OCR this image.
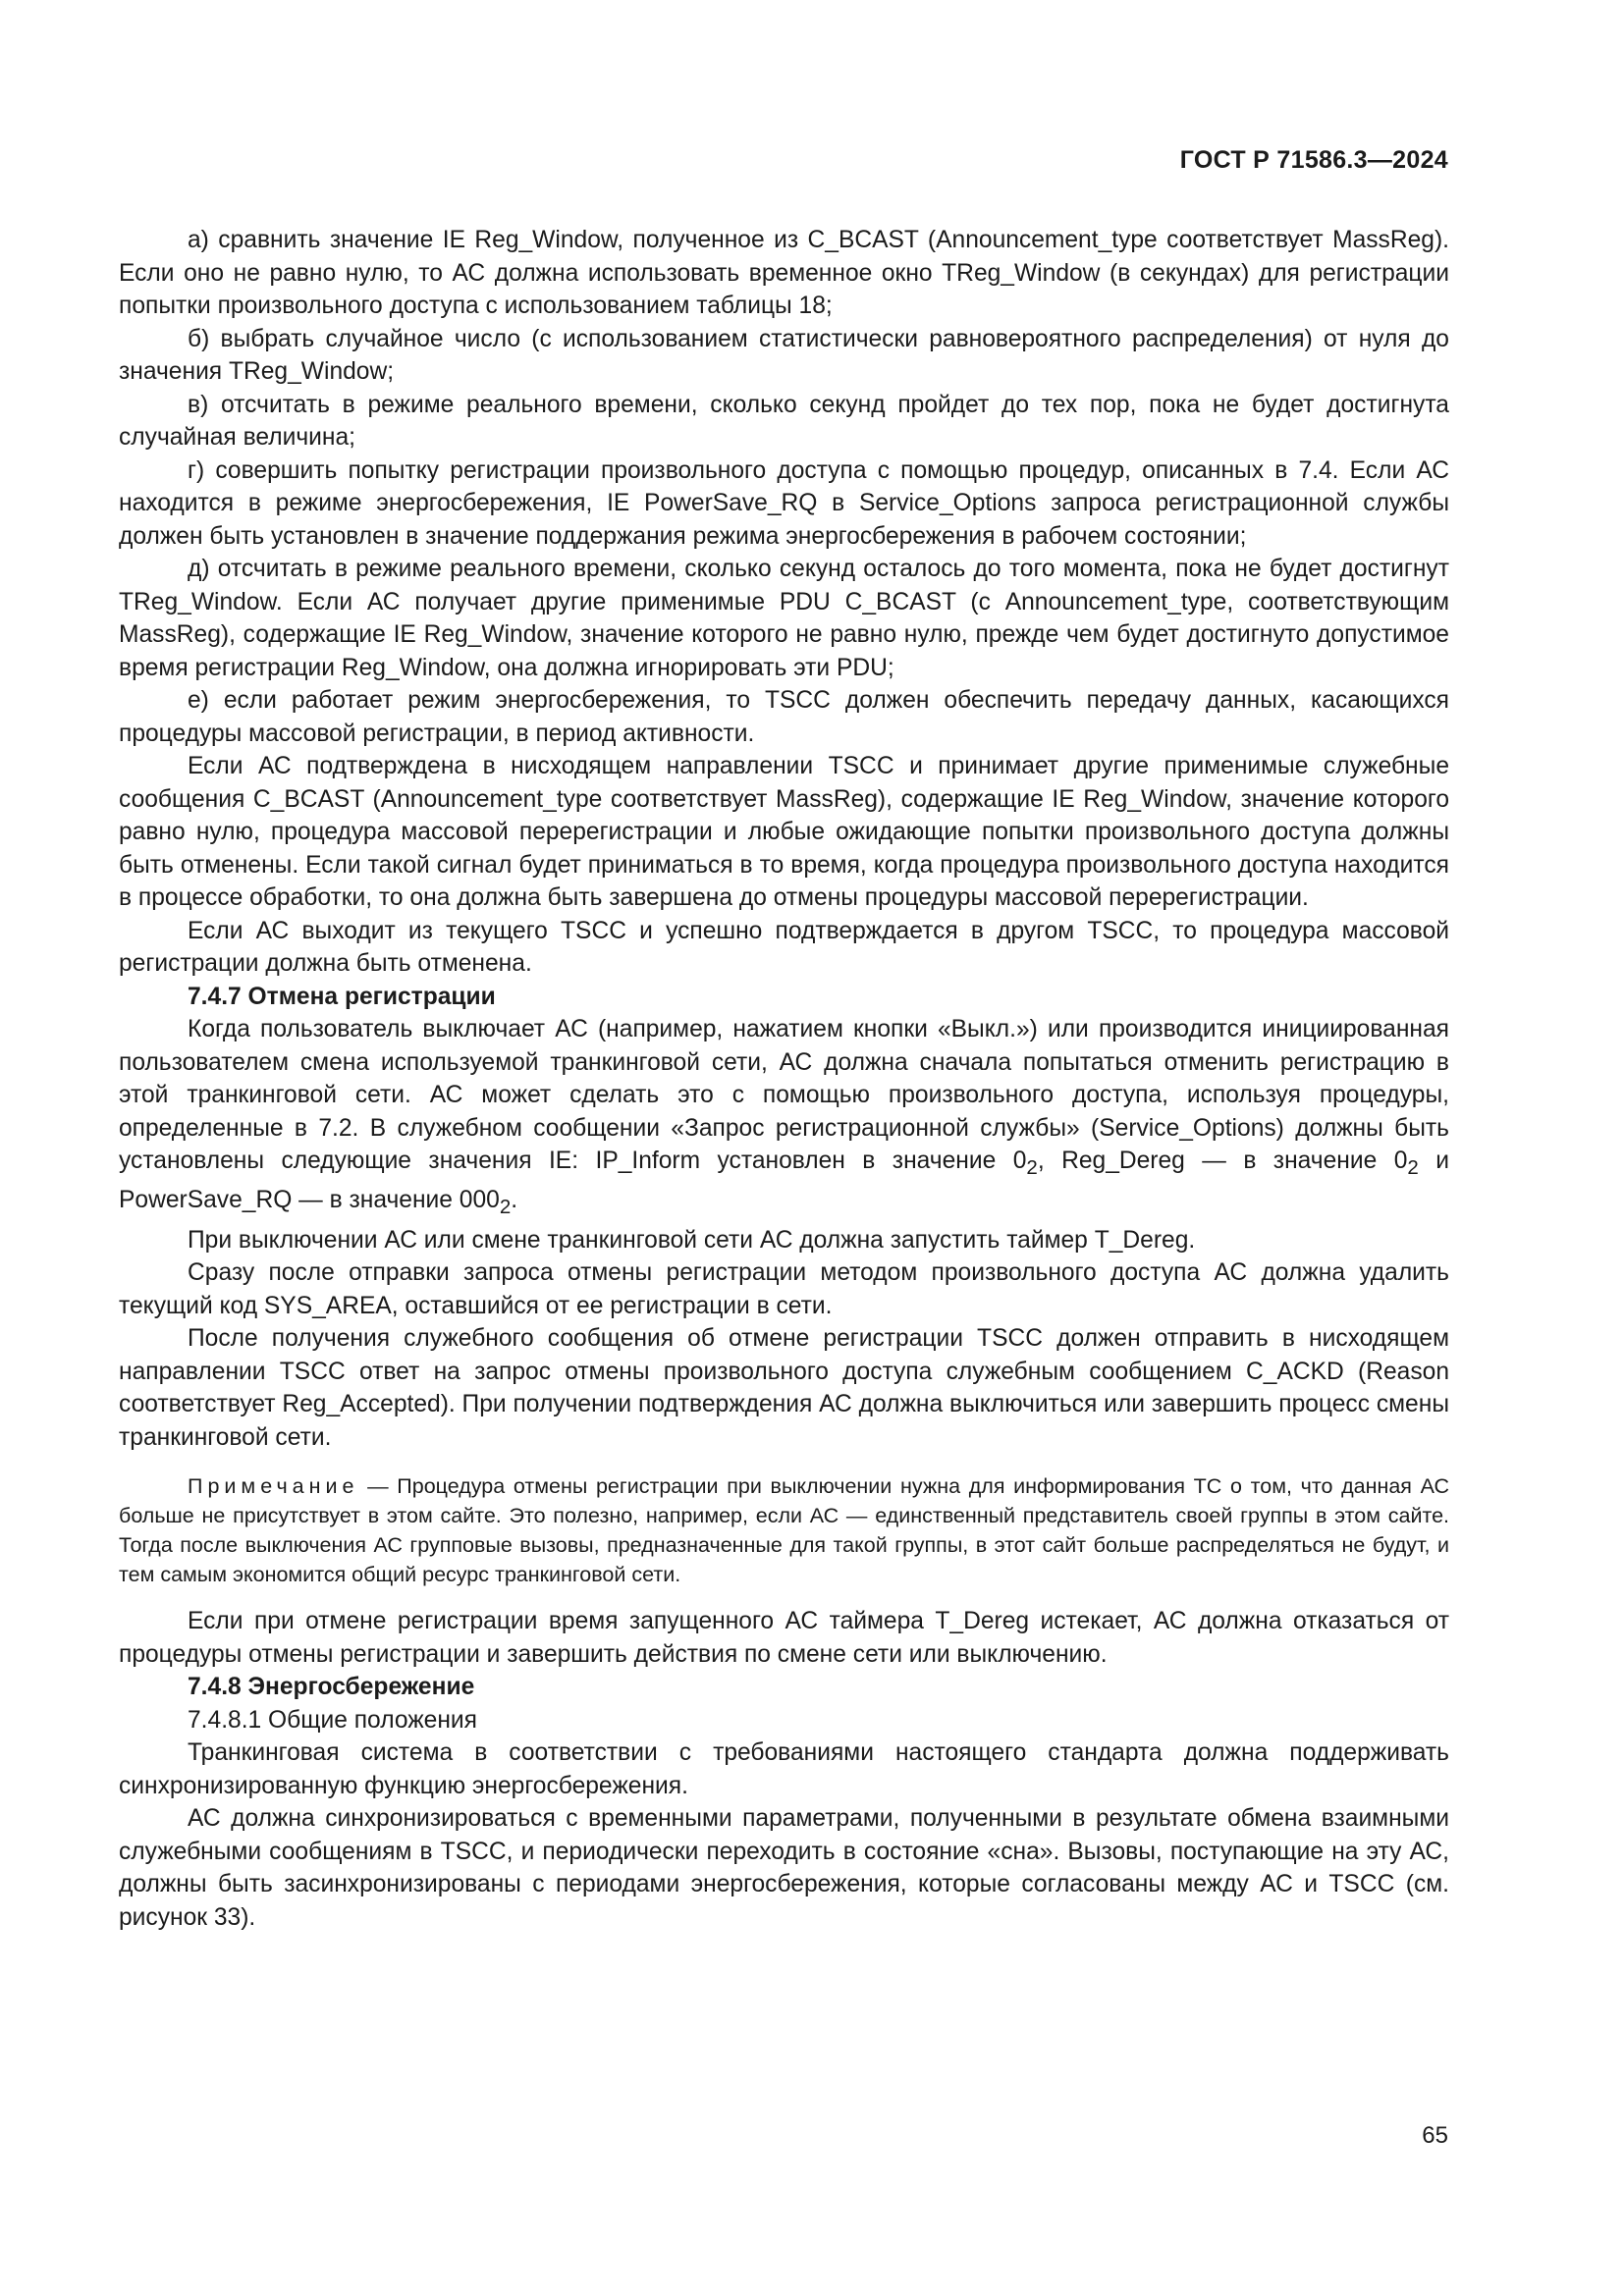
ГОСТ Р 71586.3—2024

а) сравнить значение IE Reg_Window, полученное из C_BCAST (Announcement_type соответствует MassReg). Если оно не равно нулю, то АС должна использовать временное окно TReg_Window (в секундах) для регистрации попытки произвольного доступа с использованием таблицы 18;

б) выбрать случайное число (с использованием статистически равновероятного распределения) от нуля до значения TReg_Window;

в) отсчитать в режиме реального времени, сколько секунд пройдет до тех пор, пока не будет достигнута случайная величина;

г) совершить попытку регистрации произвольного доступа с помощью процедур, описанных в 7.4. Если АС находится в режиме энергосбережения, IE PowerSave_RQ в Service_Options запроса регистрационной службы должен быть установлен в значение поддержания режима энергосбережения в рабочем состоянии;

д) отсчитать в режиме реального времени, сколько секунд осталось до того момента, пока не будет достигнут TReg_Window. Если АС получает другие применимые PDU C_BCAST (с Announcement_type, соответствующим MassReg), содержащие IE Reg_Window, значение которого не равно нулю, прежде чем будет достигнуто допустимое время регистрации Reg_Window, она должна игнорировать эти PDU;

е) если работает режим энергосбережения, то TSCC должен обеспечить передачу данных, касающихся процедуры массовой регистрации, в период активности.

Если АС подтверждена в нисходящем направлении TSCC и принимает другие применимые служебные сообщения C_BCAST (Announcement_type соответствует MassReg), содержащие IE Reg_Window, значение которого равно нулю, процедура массовой перерегистрации и любые ожидающие попытки произвольного доступа должны быть отменены. Если такой сигнал будет приниматься в то время, когда процедура произвольного доступа находится в процессе обработки, то она должна быть завершена до отмены процедуры массовой перерегистрации.

Если АС выходит из текущего TSCC и успешно подтверждается в другом TSCC, то процедура массовой регистрации должна быть отменена.

7.4.7 Отмена регистрации

Когда пользователь выключает АС (например, нажатием кнопки «Выкл.») или производится инициированная пользователем смена используемой транкинговой сети, АС должна сначала попытаться отменить регистрацию в этой транкинговой сети. АС может сделать это с помощью произвольного доступа, используя процедуры, определенные в 7.2. В служебном сообщении «Запрос регистрационной службы» (Service_Options) должны быть установлены следующие значения IE: IP_Inform установлен в значение $0_2$, Reg_Dereg — в значение $0_2$ и PowerSave_RQ — в значение $000_2$.

При выключении АС или смене транкинговой сети АС должна запустить таймер T_Dereg.

Сразу после отправки запроса отмены регистрации методом произвольного доступа АС должна удалить текущий код SYS_AREA, оставшийся от ее регистрации в сети.

После получения служебного сообщения об отмене регистрации TSCC должен отправить в нисходящем направлении TSCC ответ на запрос отмены произвольного доступа служебным сообщением C_ACKD (Reason соответствует Reg_Accepted). При получении подтверждения АС должна выключиться или завершить процесс смены транкинговой сети.

Примечание — Процедура отмены регистрации при выключении нужна для информирования ТС о том, что данная АС больше не присутствует в этом сайте. Это полезно, например, если АС — единственный представитель своей группы в этом сайте. Тогда после выключения АС групповые вызовы, предназначенные для такой группы, в этот сайт больше распределяться не будут, и тем самым экономится общий ресурс транкинговой сети.

Если при отмене регистрации время запущенного АС таймера T_Dereg истекает, АС должна отказаться от процедуры отмены регистрации и завершить действия по смене сети или выключению.

7.4.8 Энергосбережение
7.4.8.1 Общие положения

Транкинговая система в соответствии с требованиями настоящего стандарта должна поддерживать синхронизированную функцию энергосбережения.

АС должна синхронизироваться с временными параметрами, полученными в результате обмена взаимными служебными сообщениям в TSCC, и периодически переходить в состояние «сна». Вызовы, поступающие на эту АС, должны быть засинхронизированы с периодами энергосбережения, которые согласованы между АС и TSCC (см. рисунок 33).

65
